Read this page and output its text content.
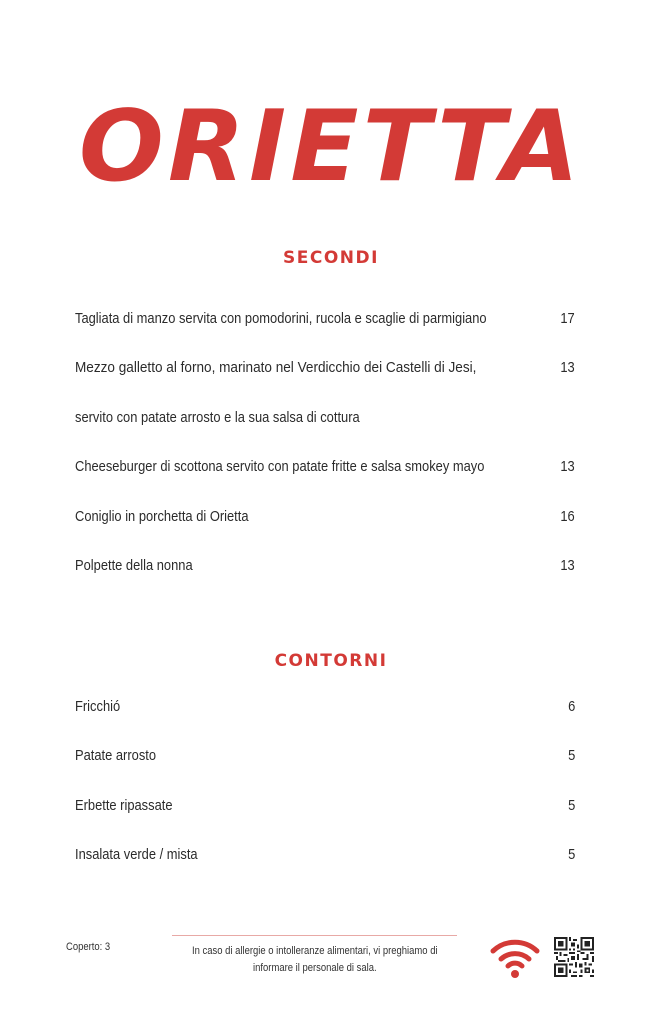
ORIETTA
SECONDI
Tagliata di manzo servita con pomodorini, rucola e scaglie di parmigiano	17
Mezzo galletto al forno, marinato nel Verdicchio dei Castelli di Jesi,	13
servito con patate arrosto e la sua salsa di cottura
Cheeseburger di scottona servito con patate fritte e salsa smokey mayo	13
Coniglio in porchetta di Orietta	16
Polpette della nonna	13
CONTORNI
Fricchió	6
Patate arrosto	5
Erbette ripassate	5
Insalata verde / mista	5
Coperto: 3	In caso di allergie o intolleranze alimentari, vi preghiamo di
informare il personale di sala.
